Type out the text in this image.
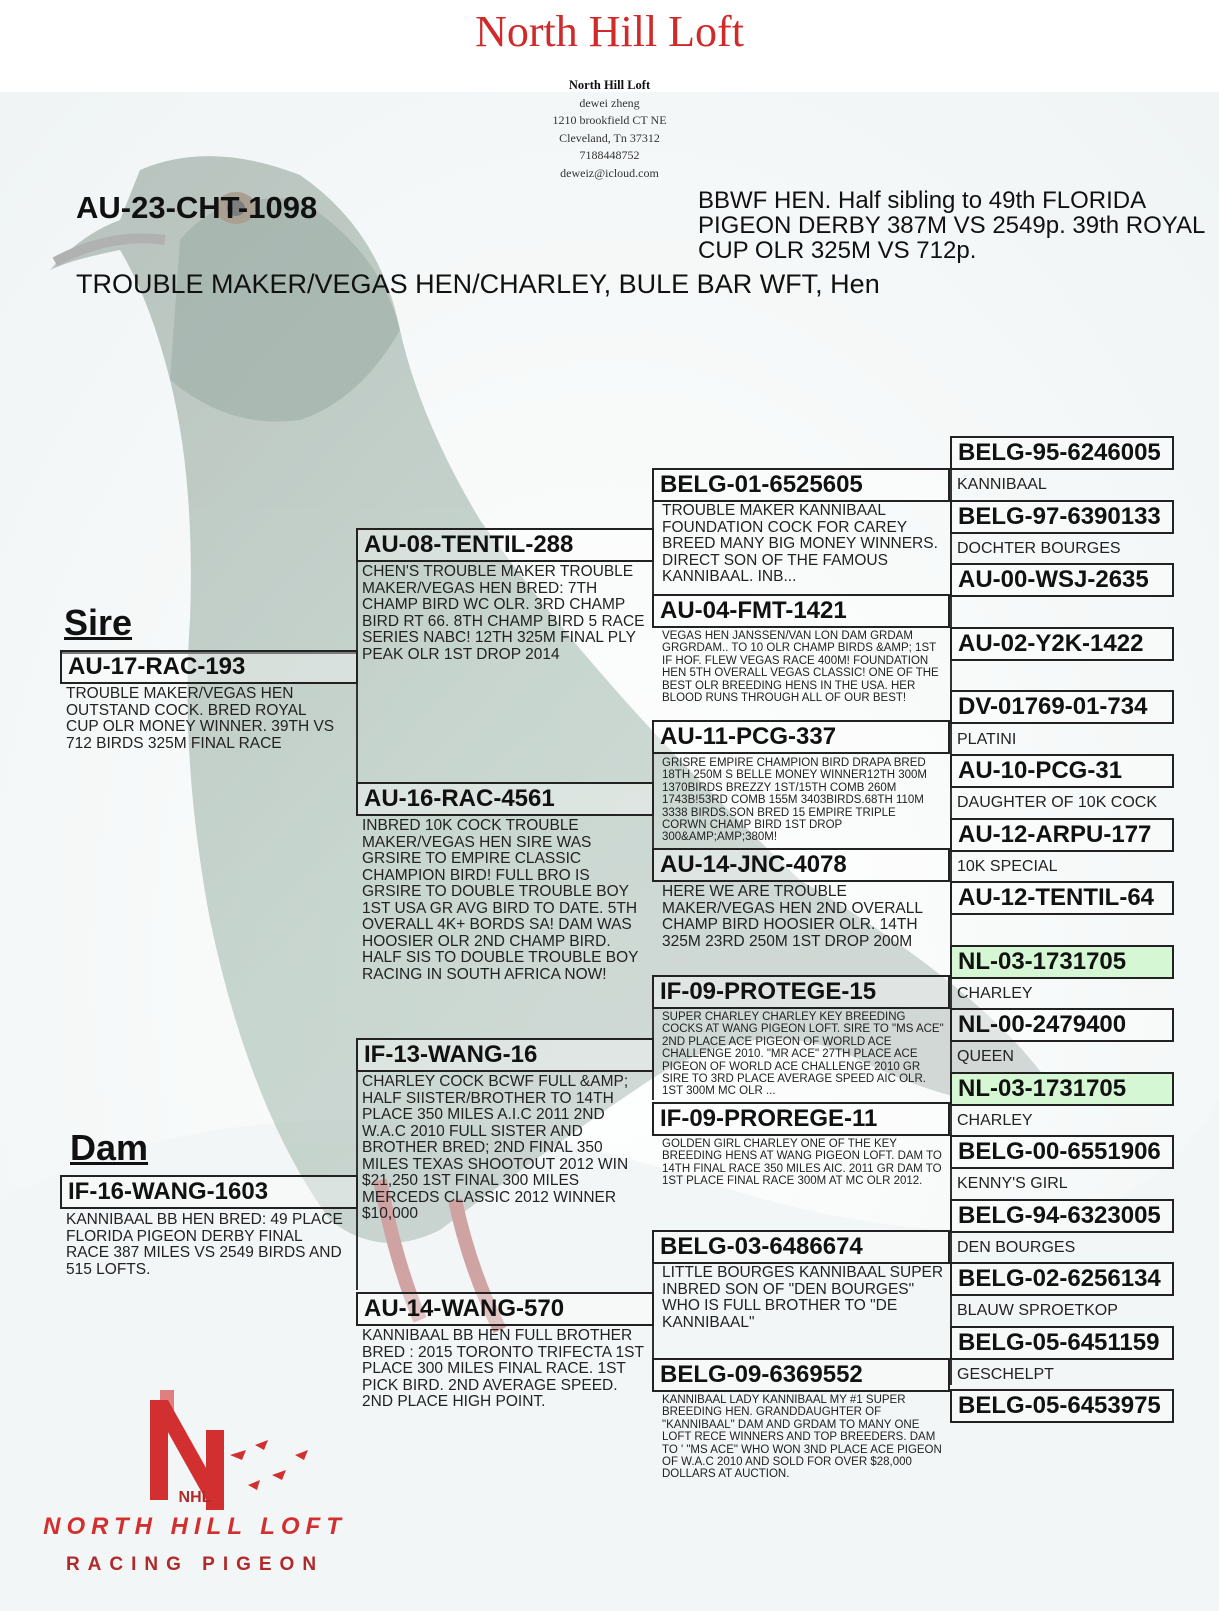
North Hill Loft
North Hill Loft
dewei zheng
1210 brookfield CT NE
Cleveland, Tn 37312
7188448752
deweiz@icloud.com
AU-23-CHT-1098	BBWF HEN. Half sibling to 49th FLORIDA PIGEON DERBY 387M VS 2549p. 39th ROYAL CUP OLR 325M VS 712p.
TROUBLE MAKER/VEGAS HEN/CHARLEY, BULE BAR WFT, Hen
Sire
AU-17-RAC-193
TROUBLE MAKER/VEGAS HEN OUTSTAND COCK. BRED ROYAL CUP OLR MONEY WINNER. 39TH VS 712 BIRDS 325M FINAL RACE
Dam
IF-16-WANG-1603
KANNIBAAL BB HEN BRED: 49 PLACE FLORIDA PIGEON DERBY FINAL RACE 387 MILES VS 2549 BIRDS AND 515 LOFTS.
AU-08-TENTIL-288
CHEN'S TROUBLE MAKER TROUBLE MAKER/VEGAS HEN BRED: 7TH CHAMP BIRD WC OLR. 3RD CHAMP BIRD RT 66. 8TH CHAMP BIRD 5 RACE SERIES NABC! 12TH 325M FINAL PLY PEAK OLR 1ST DROP 2014
AU-16-RAC-4561
INBRED 10K COCK TROUBLE MAKER/VEGAS HEN SIRE WAS GRSIRE TO EMPIRE CLASSIC CHAMPION BIRD! FULL BRO IS GRSIRE TO DOUBLE TROUBLE BOY 1ST USA GR AVG BIRD TO DATE. 5TH OVERALL 4K+ BORDS SA! DAM WAS HOOSIER OLR 2ND CHAMP BIRD. HALF SIS TO DOUBLE TROUBLE BOY RACING IN SOUTH AFRICA NOW!
IF-13-WANG-16
CHARLEY COCK BCWF FULL &AMP; HALF SIISTER/BROTHER TO 14TH PLACE 350 MILES A.I.C 2011 2ND W.A.C 2010 FULL SISTER AND BROTHER BRED; 2ND FINAL 350 MILES TEXAS SHOOTOUT 2012 WIN $21,250 1ST FINAL 300 MILES MERCEDS CLASSIC 2012 WINNER $10,000
AU-14-WANG-570
KANNIBAAL BB HEN FULL BROTHER BRED : 2015 TORONTO TRIFECTA 1ST PLACE 300 MILES FINAL RACE. 1ST PICK BIRD. 2ND AVERAGE SPEED. 2ND PLACE HIGH POINT.
BELG-01-6525605
TROUBLE MAKER KANNIBAAL FOUNDATION COCK FOR CAREY BREED MANY BIG MONEY WINNERS. DIRECT SON OF THE FAMOUS KANNIBAAL. INB...
AU-04-FMT-1421
VEGAS HEN JANSSEN/VAN LON DAM GRDAM GRGRDAM.. TO 10 OLR CHAMP BIRDS &AMP; 1ST IF HOF. FLEW VEGAS RACE 400M! FOUNDATION HEN 5TH OVERALL VEGAS CLASSIC! ONE OF THE BEST OLR BREEDING HENS IN THE USA. HER BLOOD RUNS THROUGH ALL OF OUR BEST!
AU-11-PCG-337
GRISRE EMPIRE CHAMPION BIRD DRAPA BRED 18TH 250M S BELLE MONEY WINNER12TH 300M 1370BIRDS BREZZY 1ST/15TH COMB 260M 1743B!53RD COMB 155M 3403BIRDS.68TH 110M 3338 BIRDS.SON BRED 15 EMPIRE TRIPLE CORWN CHAMP BIRD 1ST DROP 300&AMP;AMP;380M!
AU-14-JNC-4078
HERE WE ARE TROUBLE MAKER/VEGAS HEN 2ND OVERALL CHAMP BIRD HOOSIER OLR. 14TH 325M 23RD 250M 1ST DROP 200M
IF-09-PROTEGE-15
SUPER CHARLEY CHARLEY KEY BREEDING COCKS AT WANG PIGEON LOFT. SIRE TO "MS ACE" 2ND PLACE ACE PIGEON OF WORLD ACE CHALLENGE 2010. "MR ACE" 27TH PLACE ACE PIGEON OF WORLD ACE CHALLENGE 2010 GR SIRE TO 3RD PLACE AVERAGE SPEED AIC OLR. 1ST 300M MC OLR ...
IF-09-PROREGE-11
GOLDEN GIRL CHARLEY ONE OF THE KEY BREEDING HENS AT WANG PIGEON LOFT. DAM TO 14TH FINAL RACE 350 MILES AIC. 2011 GR DAM TO 1ST PLACE FINAL RACE 300M AT MC OLR 2012.
BELG-03-6486674
LITTLE BOURGES KANNIBAAL SUPER INBRED SON OF "DEN BOURGES" WHO IS FULL BROTHER TO "DE KANNIBAAL"
BELG-09-6369552
KANNIBAAL LADY KANNIBAAL MY #1 SUPER BREEDING HEN. GRANDDAUGHTER OF "KANNIBAAL" DAM AND GRDAM TO MANY ONE LOFT RECE WINNERS AND TOP BREEDERS. DAM TO ' "MS ACE" WHO WON 3ND PLACE ACE PIGEON OF W.A.C 2010 AND SOLD FOR OVER $28,000 DOLLARS AT AUCTION.
BELG-95-6246005
KANNIBAAL
BELG-97-6390133
DOCHTER BOURGES
AU-00-WSJ-2635
AU-02-Y2K-1422
DV-01769-01-734
PLATINI
AU-10-PCG-31
DAUGHTER OF 10K COCK
AU-12-ARPU-177
10K SPECIAL
AU-12-TENTIL-64
NL-03-1731705
CHARLEY
NL-00-2479400
QUEEN
NL-03-1731705
CHARLEY
BELG-00-6551906
KENNY'S GIRL
BELG-94-6323005
DEN BOURGES
BELG-02-6256134
BLAUW SPROETKOP
BELG-05-6451159
GESCHELPT
BELG-05-6453975
NHL
NORTH HILL LOFT
RACING PIGEON
